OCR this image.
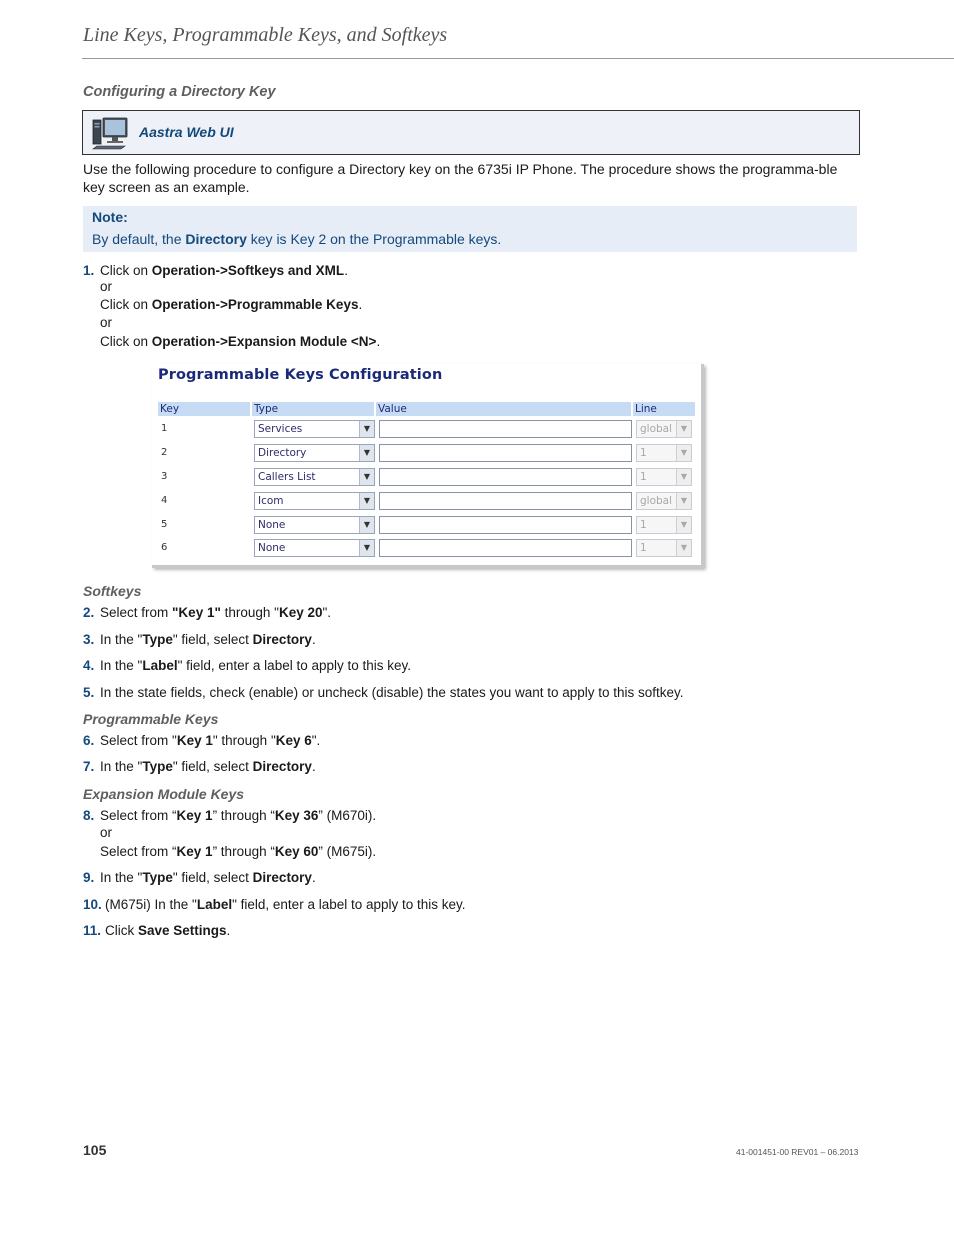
Line Keys, Programmable Keys, and Softkeys
Configuring a Directory Key
Aastra Web UI
Use the following procedure to configure a Directory key on the 6735i IP Phone. The procedure shows the programma-ble key screen as an example.
Note:
By default, the Directory key is Key 2 on the Programmable keys.
1. Click on Operation->Softkeys and XML.
or
Click on Operation->Programmable Keys.
or
Click on Operation->Expansion Module <N>.
Programmable Keys Configuration
Key	Type	Value	Line
1	Services	▼	global	▼
2	Directory	▼	1	▼
3	Callers List	▼	1	▼
4	Icom	▼	global	▼
5	None	▼	1	▼
6	None	▼	1	▼
Softkeys
2. Select from "Key 1" through "Key 20".
3. In the "Type" field, select Directory.
4. In the "Label" field, enter a label to apply to this key.
5. In the state fields, check (enable) or uncheck (disable) the states you want to apply to this softkey.
Programmable Keys
6. Select from "Key 1" through "Key 6".
7. In the "Type" field, select Directory.
Expansion Module Keys
8. Select from “Key 1” through “Key 36” (M670i).
or
Select from “Key 1” through “Key 60” (M675i).
9. In the "Type" field, select Directory.
10. (M675i) In the "Label" field, enter a label to apply to this key.
11. Click Save Settings.
105	41-001451-00 REV01 – 06.2013
